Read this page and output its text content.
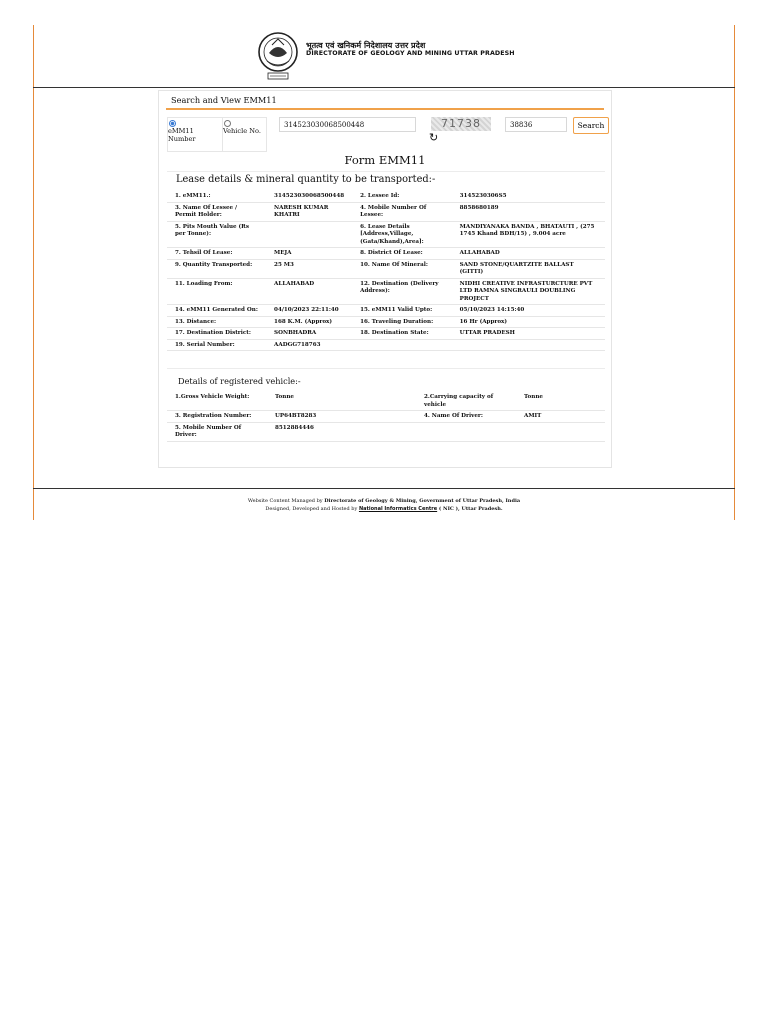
भूतत्व एवं खनिकर्म निदेशालय उत्तर प्रदेश
DIRECTORATE OF GEOLOGY AND MINING UTTAR PRADESH
Search and View EMM11
eMM11 Number
Vehicle No.
314523030068500448	71738
↻
38836	Search
Form EMM11
Lease details & mineral quantity to be transported:-
1. eMM11.:	314523030068500448	2. Lessee Id:	3145230306S5
3. Name Of Lessee / Permit Holder:	NARESH KUMAR KHATRI	4. Mobile Number Of Lessee:	8858680189
5. Pits Mouth Value (Rs per Tonne):		6. Lease Details [Address,Village,(Gata/Khand),Area]:	MANDIYANAKA BANDA , BHATAUTI , (275 1745 Khand BDH/15) , 9.004 acre
7. Tehsil Of Lease:	MEJA	8. District Of Lease:	ALLAHABAD
9. Quantity Transported:	25 M3	10. Name Of Mineral:	SAND STONE/QUARTZITE BALLAST (GITTI)
11. Loading From:	ALLAHABAD	12. Destination (Delivery Address):	NIDHI CREATIVE INFRASTURCTURE PVT LTD RAMNA SINGRAULI DOUBLING PROJECT
14. eMM11 Generated On:	04/10/2023 22:11:40	15. eMM11 Valid Upto:	05/10/2023 14:15:40
13. Distance:	168 K.M. (Approx)	16. Traveling Duration:	16 Hr (Approx)
17. Destination District:	SONBHADRA	18. Destination State:	UTTAR PRADESH
19. Serial Number:	AADGG718763		
Details of registered vehicle:-
1.Gross Vehicle Weight:	Tonne	2.Carrying capacity of vehicle	Tonne
3. Registration Number:	UP64BT8283	4. Name Of Driver:	AMIT
5. Mobile Number Of Driver:	8512884446		
Website Content Managed by Directorate of Geology & Mining, Government of Uttar Pradesh, India
Designed, Developed and Hosted by National Informatics Centre ( NIC ), Uttar Pradesh.
